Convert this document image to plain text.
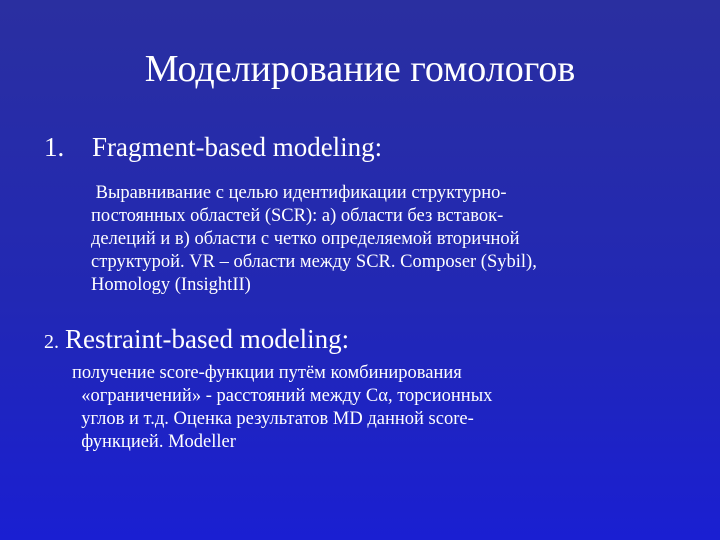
Моделирование гомологов
1. Fragment-based modeling:
Выравнивание с целью идентификации структурно-
постоянных областей (SCR): а) области без вставок-
делеций и в) области с четко определяемой вторичной
структурой. VR – области между SCR. Composer (Sybil),
Homology (InsightII)
2. Restraint-based modeling:
получение score-функции путём комбинирования
«ограничений» - расстояний между Cα, торсионных
углов и т.д. Оценка результатов MD данной score-
функцией. Modeller
